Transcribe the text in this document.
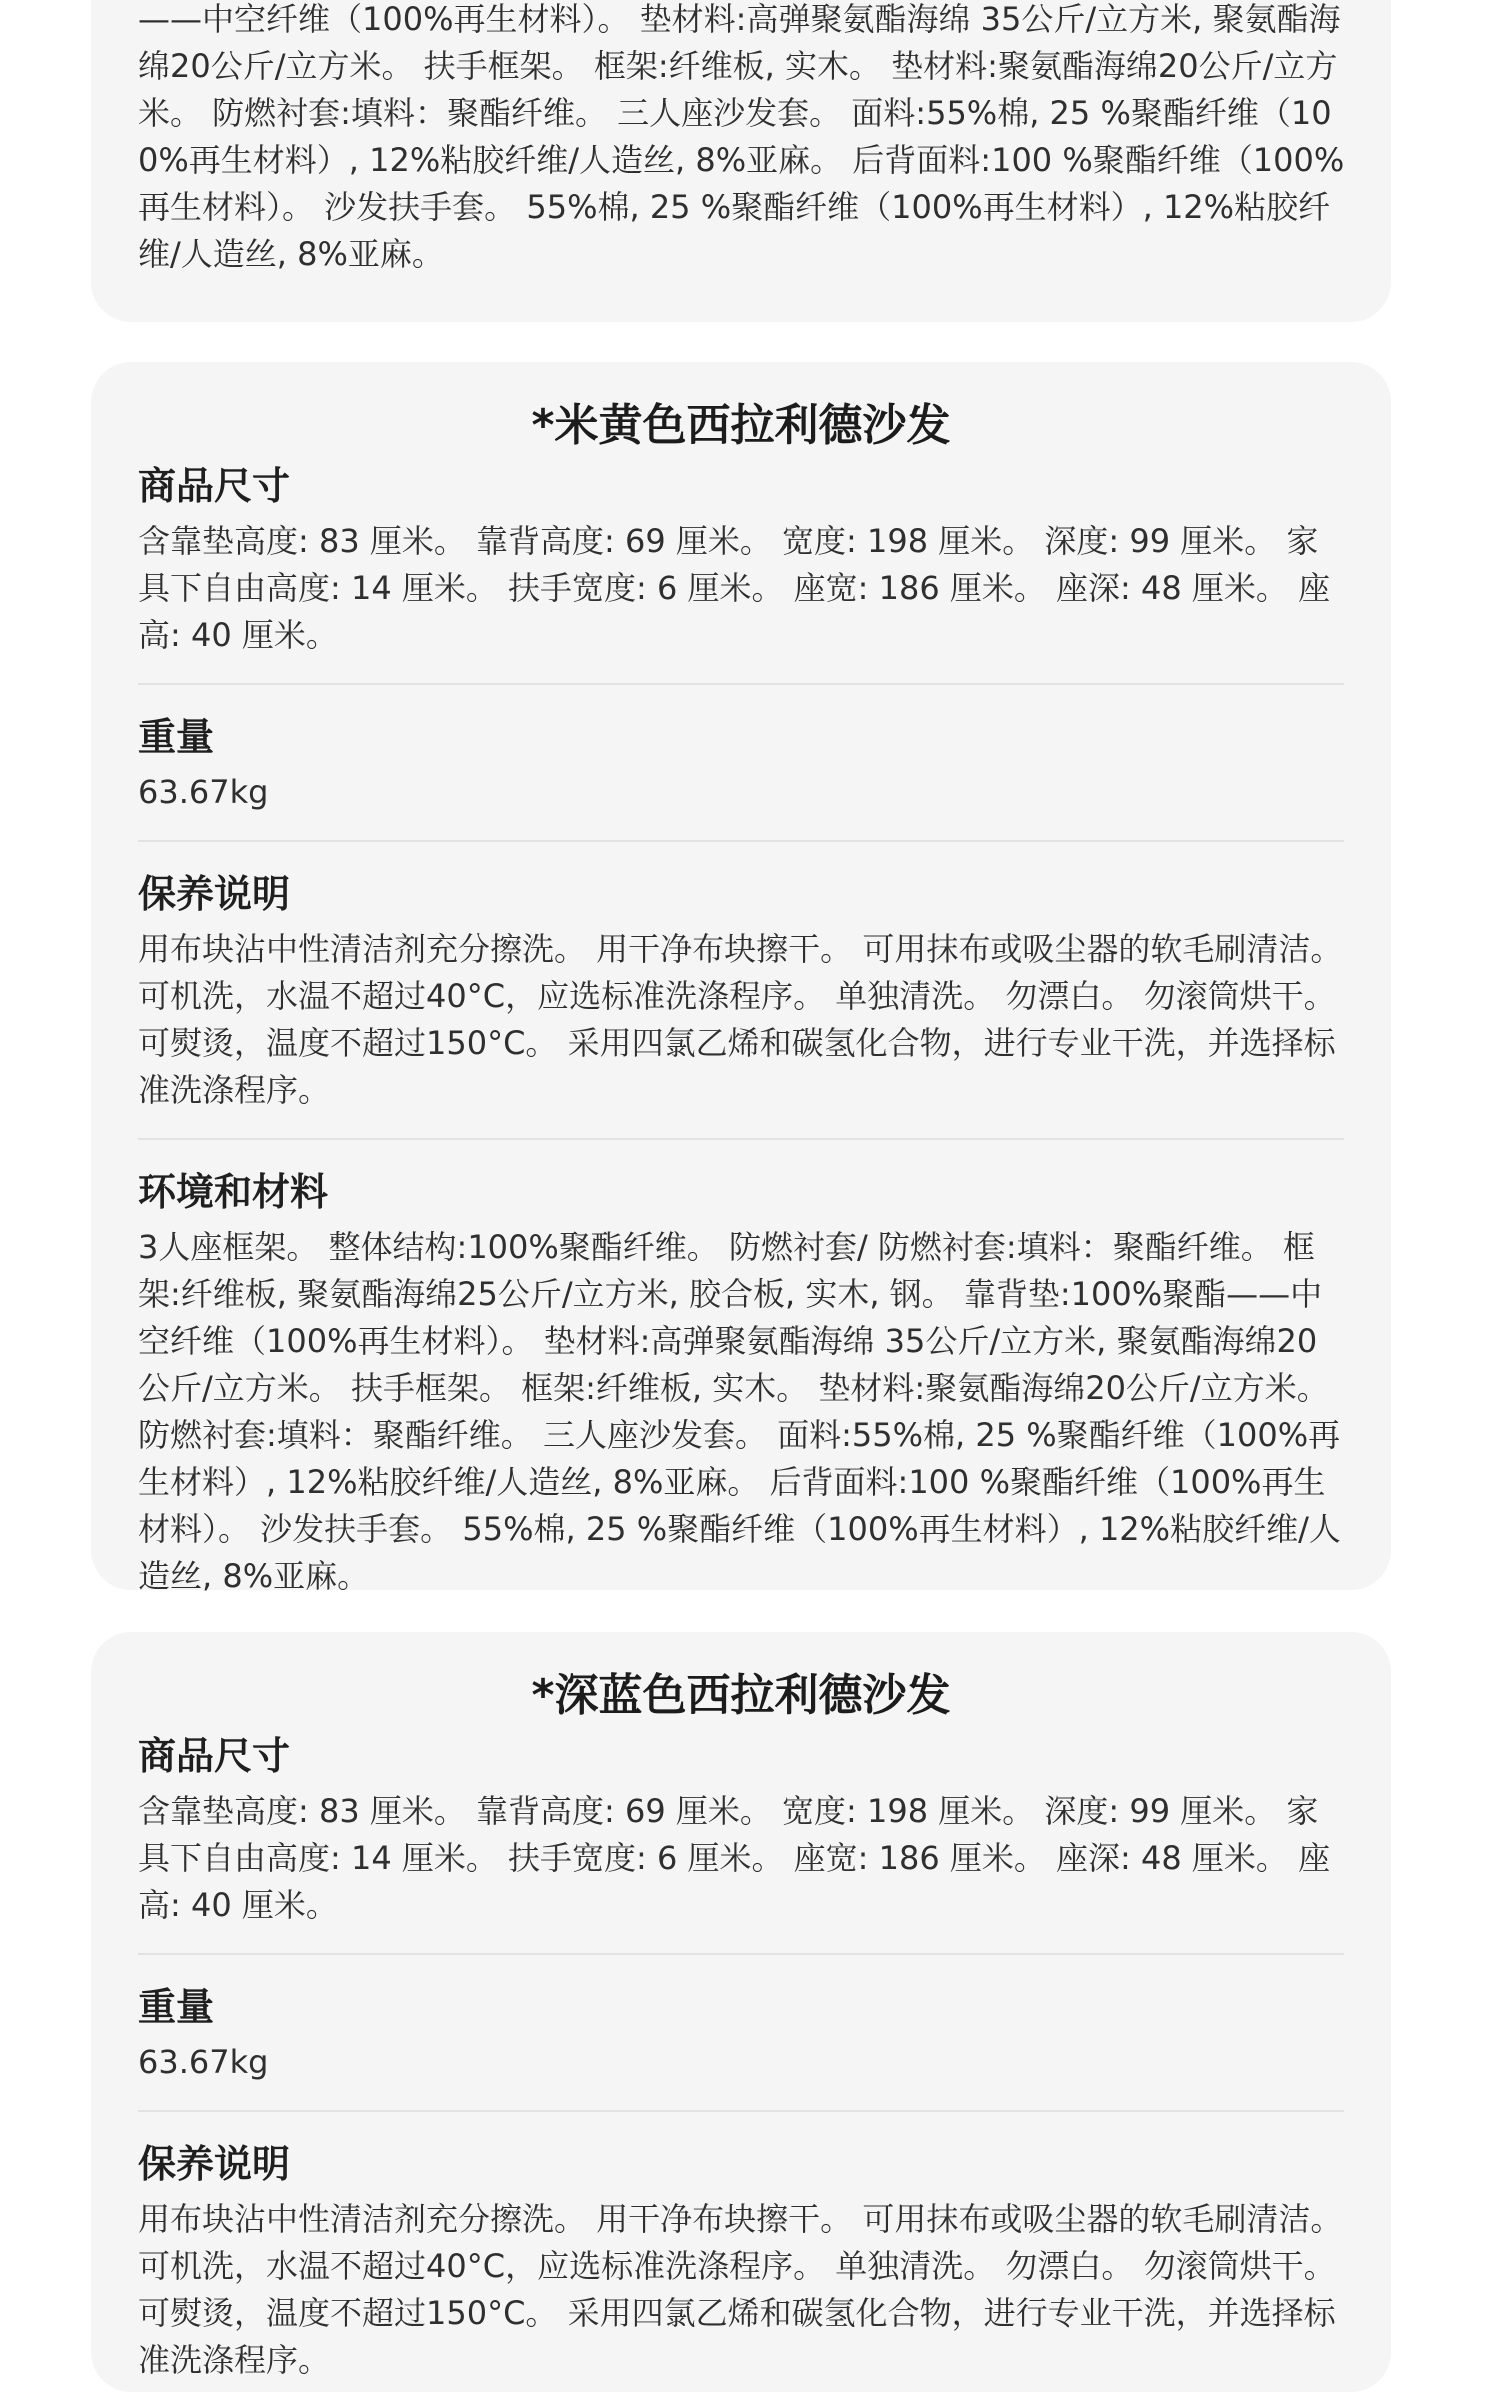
——中空纤维（100%再生材料）。 垫材料:高弹聚氨酯海绵 35公斤/立方米, 聚氨酯海绵20公斤/立方米。 扶手框架。 框架:纤维板, 实木。 垫材料:聚氨酯海绵20公斤/立方米。 防燃衬套:填料：聚酯纤维。 三人座沙发套。 面料:55%棉, 25 %聚酯纤维（100%再生材料）, 12%粘胶纤维/人造丝, 8%亚麻。 后背面料:100 %聚酯纤维（100%再生材料）。 沙发扶手套。 55%棉, 25 %聚酯纤维（100%再生材料）, 12%粘胶纤维/人造丝, 8%亚麻。

*米黄色西拉利德沙发
商品尺寸

含靠垫高度: 83 厘米。 靠背高度: 69 厘米。 宽度: 198 厘米。 深度: 99 厘米。 家具下自由高度: 14 厘米。 扶手宽度: 6 厘米。 座宽: 186 厘米。 座深: 48 厘米。 座高: 40 厘米。

重量

63.67kg

保养说明

用布块沾中性清洁剂充分擦洗。 用干净布块擦干。 可用抹布或吸尘器的软毛刷清洁。 可机洗，水温不超过40°C，应选标准洗涤程序。 单独清洗。 勿漂白。 勿滚筒烘干。 可熨烫，温度不超过150°C。 采用四氯乙烯和碳氢化合物，进行专业干洗，并选择标准洗涤程序。

环境和材料

3人座框架。 整体结构:100%聚酯纤维。 防燃衬套/ 防燃衬套:填料：聚酯纤维。 框架:纤维板, 聚氨酯海绵25公斤/立方米, 胶合板, 实木, 钢。 靠背垫:100%聚酯——中空纤维（100%再生材料）。 垫材料:高弹聚氨酯海绵 35公斤/立方米, 聚氨酯海绵20公斤/立方米。 扶手框架。 框架:纤维板, 实木。 垫材料:聚氨酯海绵20公斤/立方米。 防燃衬套:填料：聚酯纤维。 三人座沙发套。 面料:55%棉, 25 %聚酯纤维（100%再生材料）, 12%粘胶纤维/人造丝, 8%亚麻。 后背面料:100 %聚酯纤维（100%再生材料）。 沙发扶手套。 55%棉, 25 %聚酯纤维（100%再生材料）, 12%粘胶纤维/人造丝, 8%亚麻。

*深蓝色西拉利德沙发
商品尺寸

含靠垫高度: 83 厘米。 靠背高度: 69 厘米。 宽度: 198 厘米。 深度: 99 厘米。 家具下自由高度: 14 厘米。 扶手宽度: 6 厘米。 座宽: 186 厘米。 座深: 48 厘米。 座高: 40 厘米。

重量

63.67kg

保养说明

用布块沾中性清洁剂充分擦洗。 用干净布块擦干。 可用抹布或吸尘器的软毛刷清洁。 可机洗，水温不超过40°C，应选标准洗涤程序。 单独清洗。 勿漂白。 勿滚筒烘干。 可熨烫，温度不超过150°C。 采用四氯乙烯和碳氢化合物，进行专业干洗，并选择标准洗涤程序。
